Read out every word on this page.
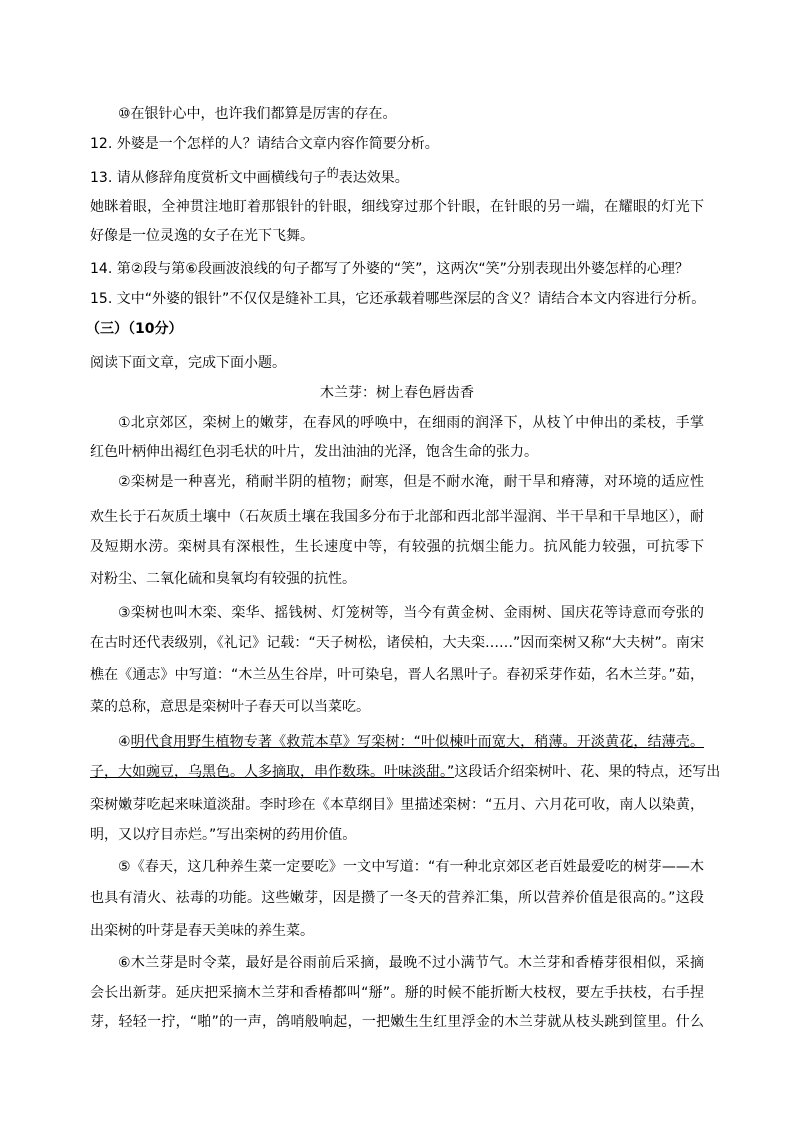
⑩在银针心中，也许我们都算是厉害的存在。
12. 外婆是一个怎样的人？请结合文章内容作简要分析。
13. 请从修辞角度赏析文中画横线句子的表达效果。
她眯着眼，全神贯注地盯着那银针的针眼，细线穿过那个针眼，在针眼的另一端，在耀眼的灯光下
好像是一位灵逸的女子在光下飞舞。
14. 第②段与第⑥段画波浪线的句子都写了外婆的“笑”，这两次“笑”分别表现出外婆怎样的心理？
15. 文中“外婆的银针”不仅仅是缝补工具，它还承载着哪些深层的含义？请结合本文内容进行分析。
（三）（10分）
阅读下面文章，完成下面小题。
木兰芽：树上春色唇齿香
①北京郊区，栾树上的嫩芽，在春风的呼唤中，在细雨的润泽下，从枝丫中伸出的柔枝，手掌
红色叶柄伸出褐红色羽毛状的叶片，发出油油的光泽，饱含生命的张力。
②栾树是一种喜光，稍耐半阴的植物；耐寒，但是不耐水淹，耐干旱和瘠薄，对环境的适应性
欢生长于石灰质土壤中（石灰质土壤在我国多分布于北部和西北部半湿润、半干旱和干旱地区），耐
及短期水涝。栾树具有深根性，生长速度中等，有较强的抗烟尘能力。抗风能力较强，可抗零下
对粉尘、二氧化硫和臭氧均有较强的抗性。
③栾树也叫木栾、栾华、摇钱树、灯笼树等，当今有黄金树、金雨树、国庆花等诗意而夸张的
在古时还代表级别，《礼记》记载：“天子树松，诸侯柏，大夫栾……”因而栾树又称“大夫树”。南宋
樵在《通志》中写道：“木兰丛生谷岸，叶可染皂，晋人名黑叶子。春初采芽作茹，名木兰芽。”茹，
菜的总称，意思是栾树叶子春天可以当菜吃。
④ 明代食用野生植物专著《救荒本草》写栾树：“叶似楝叶而宽大，稍薄。开淡黄花，结薄壳。
子，大如豌豆，乌黑色。人多摘取，串作数珠。叶味淡甜。” 这段话介绍栾树叶、花、果的特点，还写出
栾树嫩芽吃起来味道淡甜。李时珍在《本草纲目》里描述栾树：“五月、六月花可收，南人以染黄，
明，又以疗目赤烂。”写出栾树的药用价值。
⑤《春天，这几种养生菜一定要吃》一文中写道：“有一种北京郊区老百姓最爱吃的树芽——木
也具有清火、祛毒的功能。这些嫩芽，因是攒了一冬天的营养汇集，所以营养价值是很高的。”这段
出栾树的叶芽是春天美味的养生菜。
⑥木兰芽是时令菜，最好是谷雨前后采摘，最晚不过小满节气。木兰芽和香椿芽很相似，采摘
会长出新芽。延庆把采摘木兰芽和香椿都叫“掰”。掰的时候不能折断大枝杈，要左手扶枝，右手捏
芽，轻轻一拧，“啪”的一声，鸽哨般响起，一把嫩生生红里浮金的木兰芽就从枝头跳到筐里。什么
